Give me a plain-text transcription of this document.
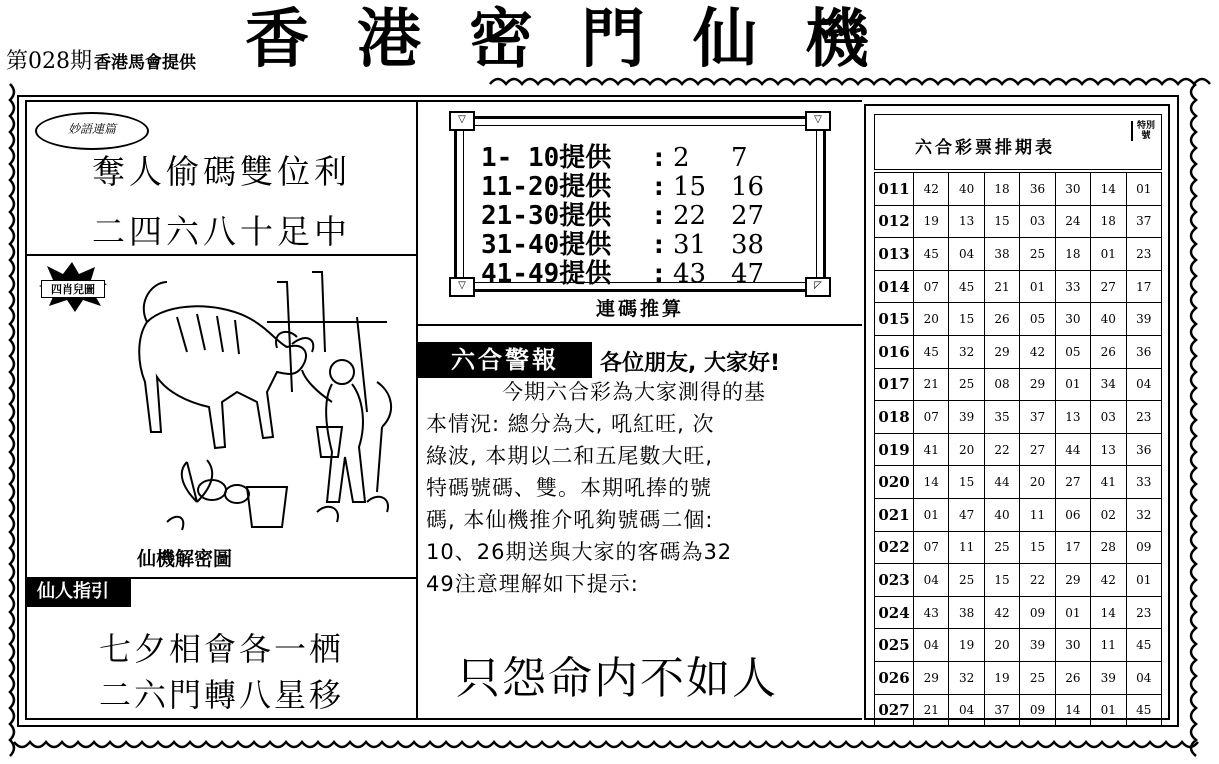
第028期 香港馬會提供 香港密門仙機
妙語連篇
奪人偷碼雙位利
二四六八十足中
四肖兒圖
仙機解密圖
仙人指引
七夕相會各一栖
二六門轉八星移
▽	▽
▽	◸
1- 10提供 : 2 7
11-20提供 : 15 16
21-30提供 : 22 27
31-40提供 : 31 38
41-49提供 : 43 47
連碼推算
六合警報	各位朋友, 大家好!
今期六合彩為大家測得的基
本情況: 總分為大, 吼紅旺, 次
綠波, 本期以二和五尾數大旺,
特碼號碼、雙。本期吼捧的號
碼, 本仙機推介吼夠號碼二個:
10、26期送與大家的客碼為32
49注意理解如下提示:
只怨命内不如人
六合彩票排期表
特別號
011	42	40	18	36	30	14	01
012	19	13	15	03	24	18	37
013	45	04	38	25	18	01	23
014	07	45	21	01	33	27	17
015	20	15	26	05	30	40	39
016	45	32	29	42	05	26	36
017	21	25	08	29	01	34	04
018	07	39	35	37	13	03	23
019	41	20	22	27	44	13	36
020	14	15	44	20	27	41	33
021	01	47	40	11	06	02	32
022	07	11	25	15	17	28	09
023	04	25	15	22	29	42	01
024	43	38	42	09	01	14	23
025	04	19	20	39	30	11	45
026	29	32	19	25	26	39	04
027	21	04	37	09	14	01	45
